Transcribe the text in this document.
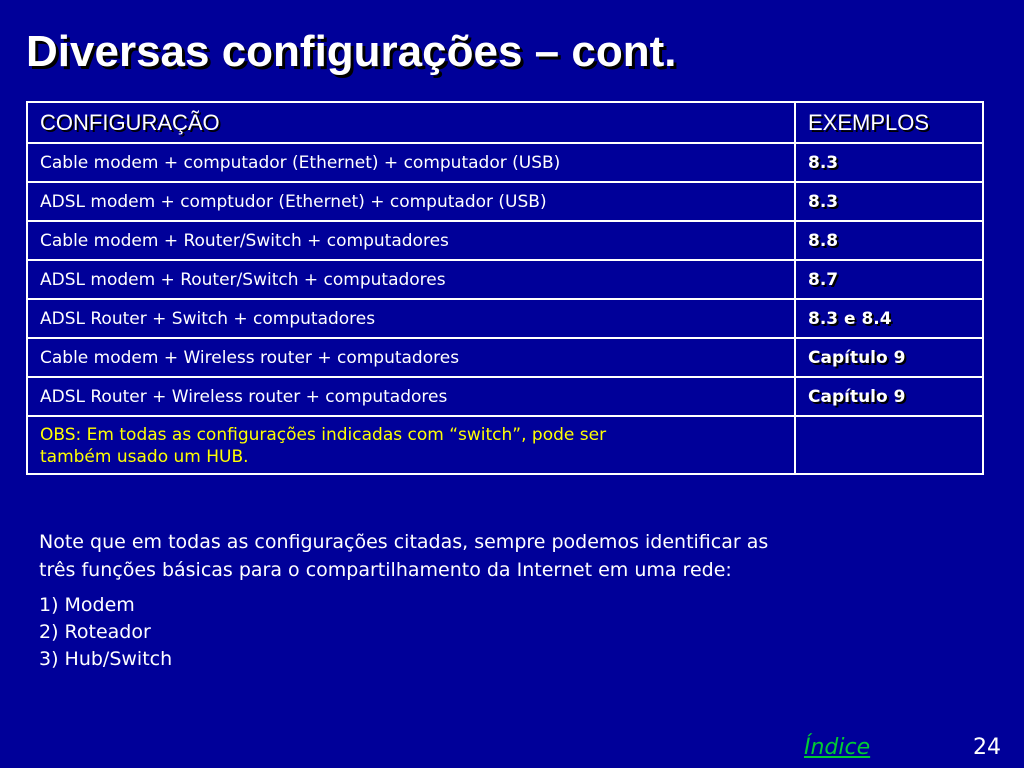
Diversas configurações – cont.
CONFIGURAÇÃO	EXEMPLOS
Cable modem + computador (Ethernet) + computador (USB)	8.3
ADSL modem + comptudor (Ethernet) + computador (USB)	8.3
Cable modem + Router/Switch + computadores	8.8
ADSL modem + Router/Switch + computadores	8.7
ADSL Router + Switch + computadores	8.3 e 8.4
Cable modem + Wireless router + computadores	Capítulo 9
ADSL Router + Wireless router + computadores	Capítulo 9

OBS: Em todas as configurações indicadas com “switch”, pode ser
também usado um HUB.	

Note que em todas as configurações citadas, sempre podemos identificar as

três funções básicas para o compartilhamento da Internet em uma rede:

1) Modem
2) Roteador
3) Hub/Switch
Índice	24
